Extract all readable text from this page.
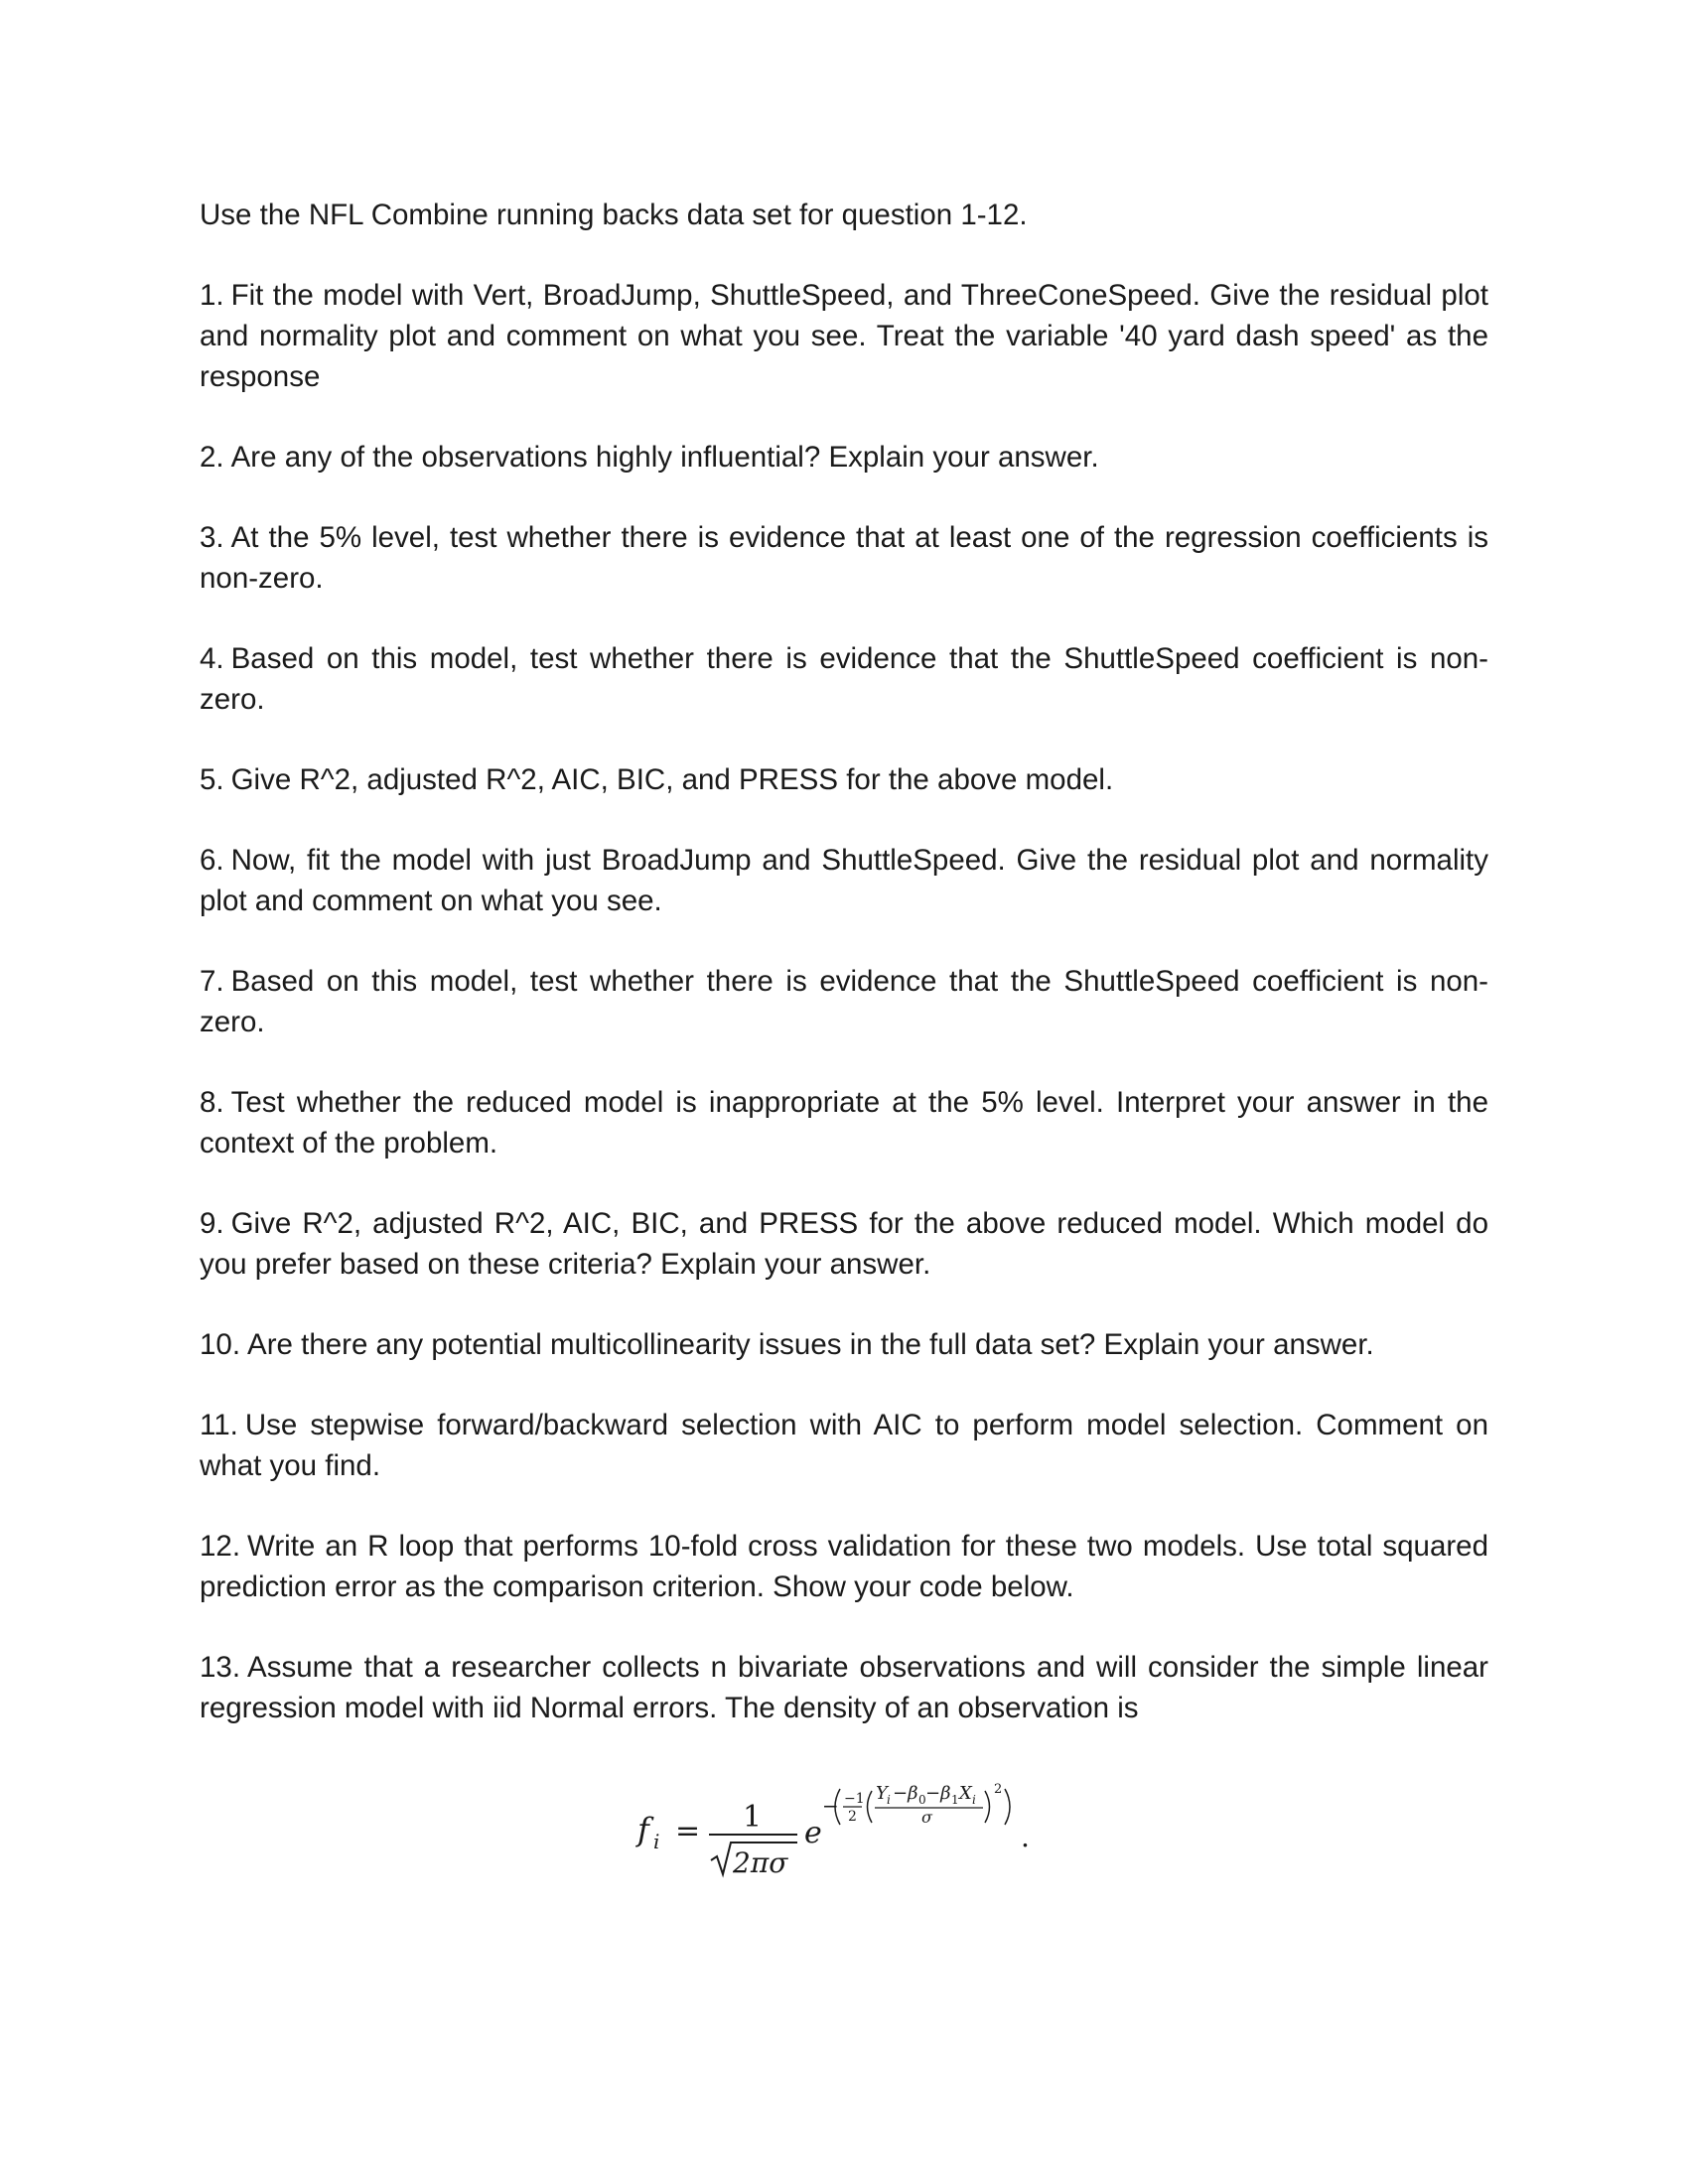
Use the NFL Combine running backs data set for question 1-12.

1. Fit the model with Vert, BroadJump, ShuttleSpeed, and ThreeConeSpeed. Give the residual plot and normality plot and comment on what you see. Treat the variable '40 yard dash speed' as the response
2. Are any of the observations highly influential? Explain your answer.
3. At the 5% level, test whether there is evidence that at least one of the regression coefficients is non-zero.
4. Based on this model, test whether there is evidence that the ShuttleSpeed coefficient is non-zero.
5. Give R^2, adjusted R^2, AIC, BIC, and PRESS for the above model.
6. Now, fit the model with just BroadJump and ShuttleSpeed. Give the residual plot and normality plot and comment on what you see.
7. Based on this model, test whether there is evidence that the ShuttleSpeed coefficient is non-zero.
8. Test whether the reduced model is inappropriate at the 5% level. Interpret your answer in the context of the problem.
9. Give R^2, adjusted R^2, AIC, BIC, and PRESS for the above reduced model. Which model do you prefer based on these criteria? Explain your answer.
10. Are there any potential multicollinearity issues in the full data set? Explain your answer.
11. Use stepwise forward/backward selection with AIC to perform model selection. Comment on what you find.
12. Write an R loop that performs 10-fold cross validation for these two models. Use total squared prediction error as the comparison criterion. Show your code below.
13. Assume that a researcher collects n bivariate observations and will consider the simple linear regression model with iid Normal errors. The density of an observation is
f i = 1
2πσ
e
− −1
2
Y i −β 0 −β 1 X i
σ
2
.
